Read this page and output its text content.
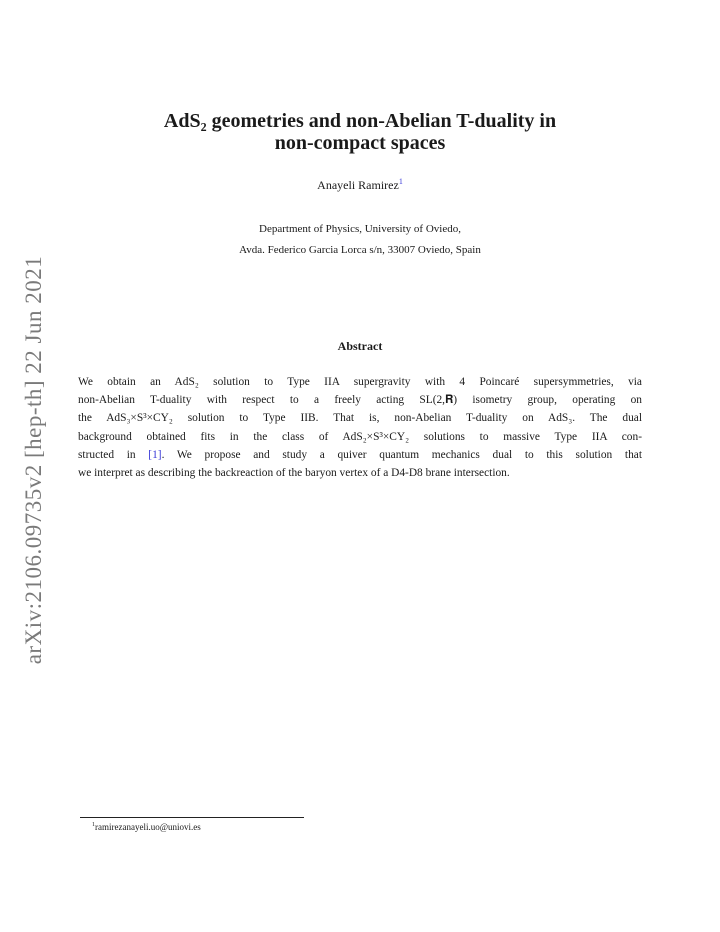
arXiv:2106.09735v2 [hep-th] 22 Jun 2021
AdS₂ geometries and non-Abelian T-duality in
non-compact spaces
Anayeli Ramirez$^1$
Department of Physics, University of Oviedo,
Avda. Federico Garcia Lorca s/n, 33007 Oviedo, Spain
Abstract
We obtain an AdS₂ solution to Type IIA supergravity with 4 Poincaré supersymmetries, via
non-Abelian T-duality with respect to a freely acting SL(2,𝐑) isometry group, operating on
the AdS₃×S³×CY₂ solution to Type IIB. That is, non-Abelian T-duality on AdS₃. The dual
background obtained fits in the class of AdS₂×S³×CY₂ solutions to massive Type IIA con-
structed in [1]. We propose and study a quiver quantum mechanics dual to this solution that
we interpret as describing the backreaction of the baryon vertex of a D4-D8 brane intersection.
$^1$ramirezanayeli.uo@uniovi.es
